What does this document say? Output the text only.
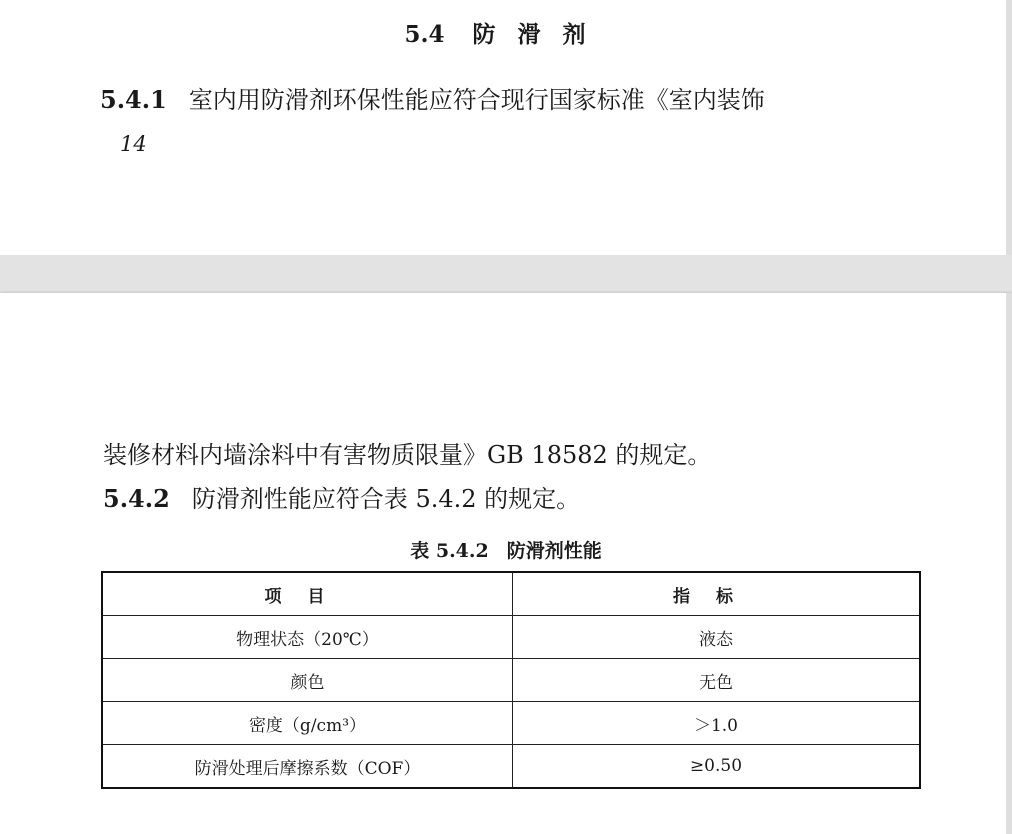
5.4 防滑剂
5.4.1 室内用防滑剂环保性能应符合现行国家标准《室内装饰
14
装修材料内墙涂料中有害物质限量》GB 18582 的规定。
5.4.2 防滑剂性能应符合表 5.4.2 的规定。
表 5.4.2 防滑剂性能
项目	指标
物理状态（20℃）	液态
颜色	无色
密度（g/cm³）	＞1.0
防滑处理后摩擦系数（COF）	≥0.50
